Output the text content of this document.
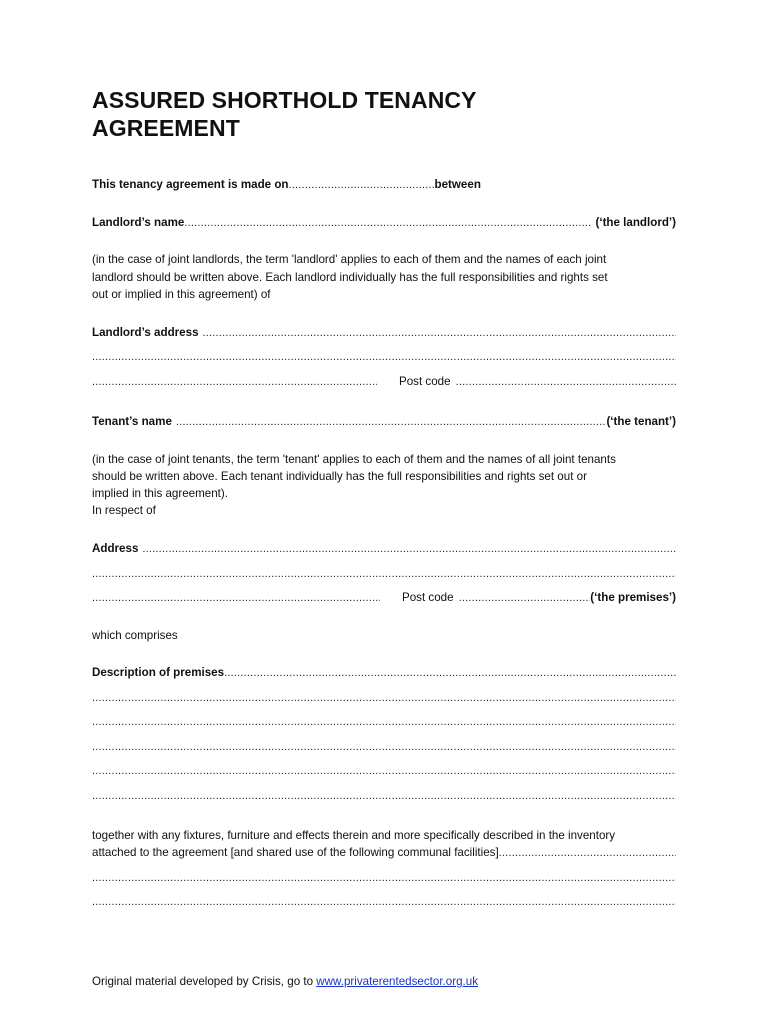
ASSURED SHORTHOLD TENANCY
AGREEMENT
This tenancy agreement is made on .....	between
Landlord’s name .....	(‘the landlord’)
(in the case of joint landlords, the term 'landlord' applies to each of them and the names of each joint
landlord should be written above. Each landlord individually has the full responsibilities and rights set
out or implied in this agreement) of
Landlord’s address
.....
.....
.....
Post code
.....
Tenant’s name .....	(‘the tenant’)
(in the case of joint tenants, the term 'tenant' applies to each of them and the names of all joint tenants
should be written above. Each tenant individually has the full responsibilities and rights set out or
implied in this agreement).
In respect of
Address
.....
.....
.....
Post code .....	(‘the premises’)
which comprises
Description of premises
.....
.....
.....
.....
.....
.....
together with any fixtures, furniture and effects therein and more specifically described in the inventory
attached to the agreement [and shared use of the following communal facilities]
.....
.....
.....
Original material developed by Crisis, go to www.privaterentedsector.org.uk
